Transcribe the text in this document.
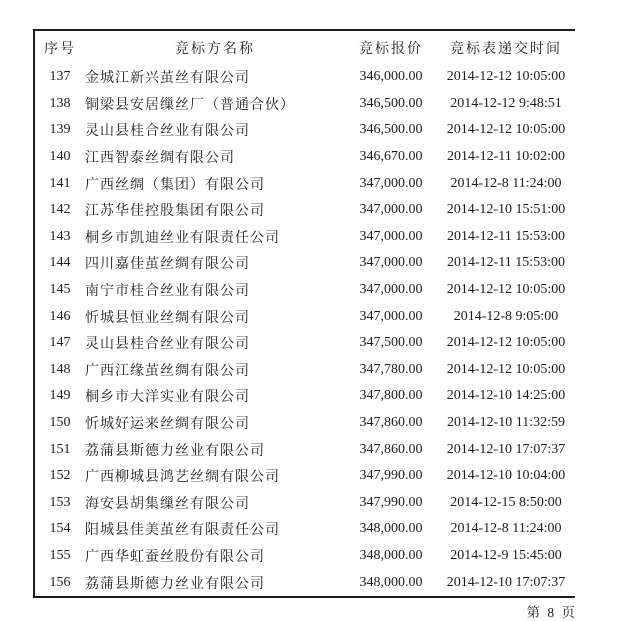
序号	竞标方名称	竞标报价	竞标表递交时间
137	金城江新兴茧丝有限公司	346,000.00	2014-12-12 10:05:00
138	铜梁县安居缫丝厂（普通合伙）	346,500.00	2014-12-12 9:48:51
139	灵山县桂合丝业有限公司	346,500.00	2014-12-12 10:05:00
140	江西智泰丝绸有限公司	346,670.00	2014-12-11 10:02:00
141	广西丝绸（集团）有限公司	347,000.00	2014-12-8 11:24:00
142	江苏华佳控股集团有限公司	347,000.00	2014-12-10 15:51:00
143	桐乡市凯迪丝业有限责任公司	347,000.00	2014-12-11 15:53:00
144	四川嘉佳茧丝绸有限公司	347,000.00	2014-12-11 15:53:00
145	南宁市桂合丝业有限公司	347,000.00	2014-12-12 10:05:00
146	忻城县恒业丝绸有限公司	347,000.00	2014-12-8 9:05:00
147	灵山县桂合丝业有限公司	347,500.00	2014-12-12 10:05:00
148	广西江缘茧丝绸有限公司	347,780.00	2014-12-12 10:05:00
149	桐乡市大洋实业有限公司	347,800.00	2014-12-10 14:25:00
150	忻城好运来丝绸有限公司	347,860.00	2014-12-10 11:32:59
151	荔蒲县斯德力丝业有限公司	347,860.00	2014-12-10 17:07:37
152	广西柳城县鸿艺丝绸有限公司	347,990.00	2014-12-10 10:04:00
153	海安县胡集缫丝有限公司	347,990.00	2014-12-15 8:50:00
154	阳城县佳美茧丝有限责任公司	348,000.00	2014-12-8 11:24:00
155	广西华虹蚕丝股份有限公司	348,000.00	2014-12-9 15:45:00
156	荔蒲县斯德力丝业有限公司	348,000.00	2014-12-10 17:07:37
第 8 页
